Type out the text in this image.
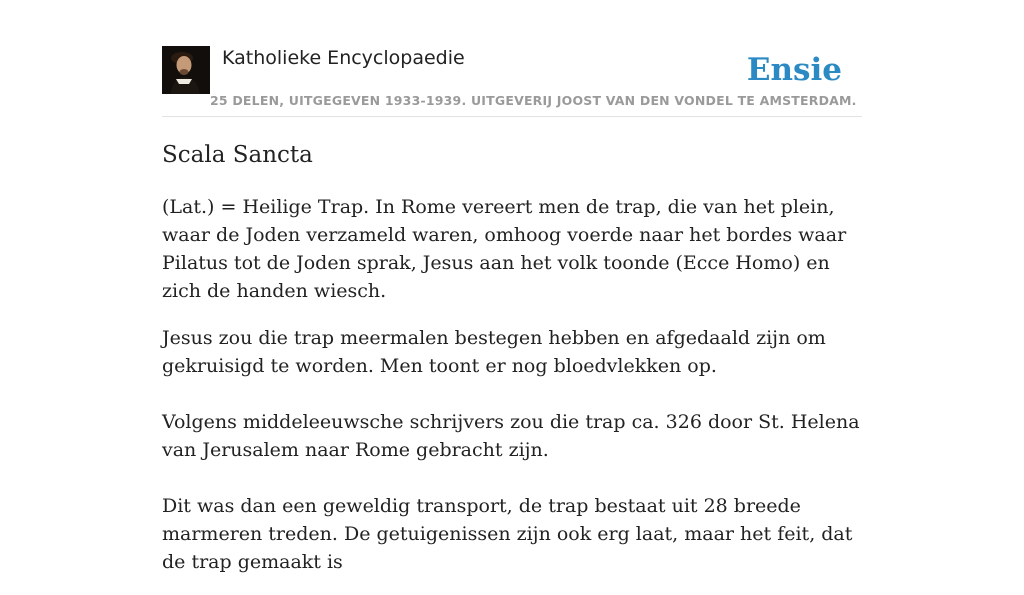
Katholieke Encyclopaedie
25 DELEN, UITGEGEVEN 1933-1939. UITGEVERIJ JOOST VAN DEN VONDEL TE AMSTERDAM.
Ensie
Scala Sancta

(Lat.) = Heilige Trap. In Rome vereert men de trap, die van het plein, waar de Joden verzameld waren, omhoog voerde naar het bordes waar Pilatus tot de Joden sprak, Jesus aan het volk toonde (Ecce Homo) en zich de handen wiesch.

Jesus zou die trap meermalen bestegen hebben en afgedaald zijn om gekruisigd te worden. Men toont er nog bloedvlekken op.

Volgens middeleeuwsche schrijvers zou die trap ca. 326 door St. Helena van Jerusalem naar Rome gebracht zijn.

Dit was dan een geweldig transport, de trap bestaat uit 28 breede marmeren treden. De getuigenissen zijn ook erg laat, maar het feit, dat de trap gemaakt is
